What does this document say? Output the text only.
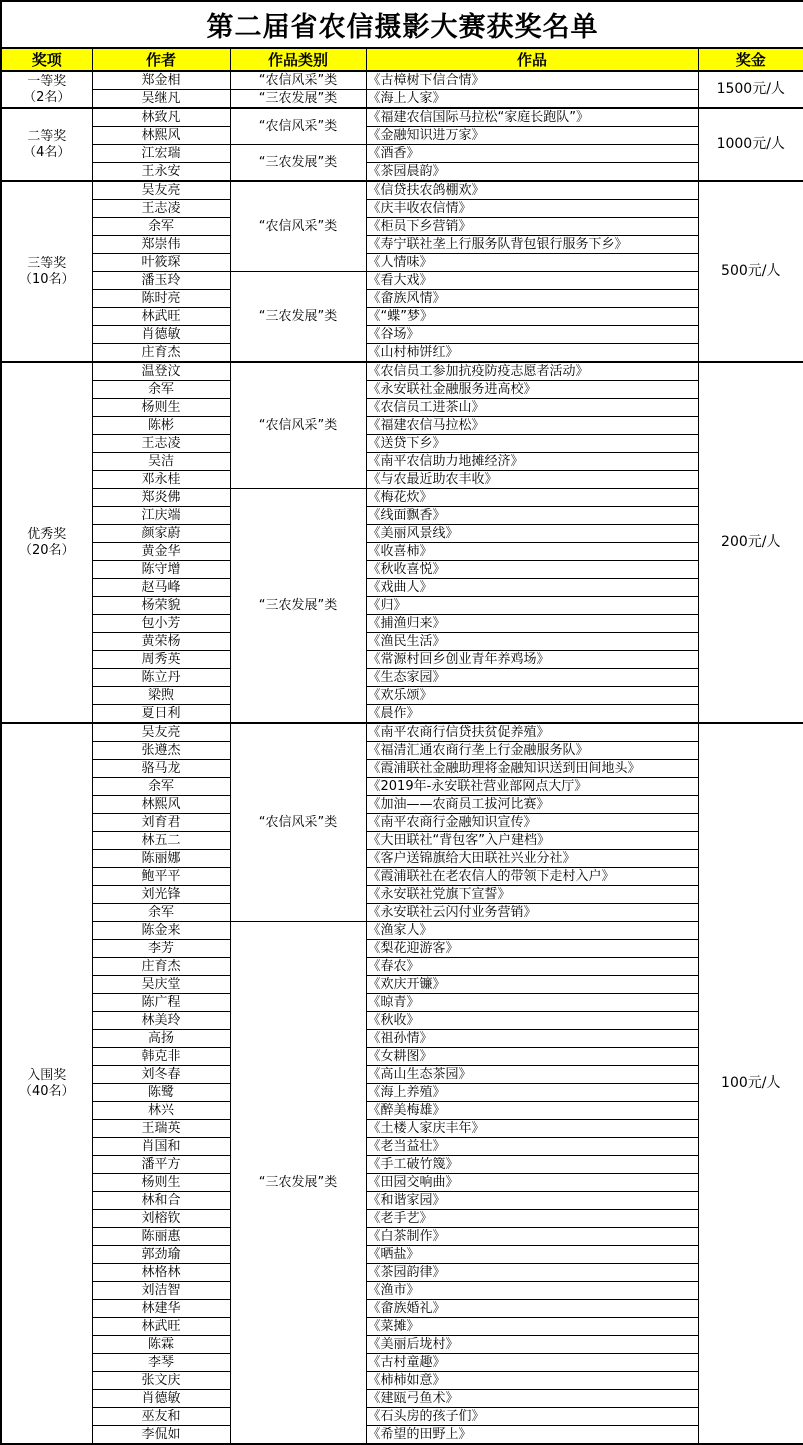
第二届省农信摄影大赛获奖名单				
奖项	作者	作品类别	作品	奖金

一等奖
（2名）	郑金相	“农信风采”类	《古樟树下信合情》	1500元/人
	吴继凡	“三农发展”类	《海上人家》	

二等奖
（4名）	林致凡	“农信风采”类	《福建农信国际马拉松“家庭长跑队”》	1000元/人
	林熙风		《金融知识进万家》	
	江宏瑞	“三农发展”类	《酒香》	
	王永安		《茶园晨韵》	

三等奖
（10名）	吴友亮	“农信风采”类	《信贷扶农鸽棚欢》	500元/人
	王志凌		《庆丰收农信情》	
	余军		《柜员下乡营销》	
	郑崇伟		《寿宁联社垄上行服务队背包银行服务下乡》	
	叶筱琛		《人情味》	
	潘玉玲	“三农发展”类	《看大戏》	
	陈时亮		《畲族风情》	
	林武旺		《“蝶”梦》	
	肖德敏		《谷场》	
	庄育杰		《山村柿饼红》	

优秀奖
（20名）	温登汶	“农信风采”类	《农信员工参加抗疫防疫志愿者活动》	200元/人
	余军		《永安联社金融服务进高校》	
	杨则生		《农信员工进茶山》	
	陈彬		《福建农信马拉松》	
	王志凌		《送贷下乡》	
	吴洁		《南平农信助力地摊经济》	
	邓永桂		《与农最近助农丰收》	
	郑炎佛	“三农发展”类	《梅花炊》	
	江庆端		《线面飘香》	
	颜家蔚		《美丽风景线》	
	黄金华		《收喜柿》	
	陈守增		《秋收喜悦》	
	赵马峰		《戏曲人》	
	杨荣貌		《归》	
	包小芳		《捕渔归来》	
	黄荣杨		《渔民生活》	
	周秀英		《常源村回乡创业青年养鸡场》	
	陈立丹		《生态家园》	
	梁煦		《欢乐颂》	
	夏日利		《晨作》	

入围奖
（40名）	吴友亮	“农信风采”类	《南平农商行信贷扶贫促养殖》	100元/人
	张遵杰		《福清汇通农商行垄上行金融服务队》	
	骆马龙		《霞浦联社金融助理将金融知识送到田间地头》	
	余军		《2019年-永安联社营业部网点大厅》	
	林熙风		《加油——农商员工拔河比赛》	
	刘育君		《南平农商行金融知识宣传》	
	林五二		《大田联社“背包客”入户建档》	
	陈丽娜		《客户送锦旗给大田联社兴业分社》	
	鲍平平		《霞浦联社在老农信人的带领下走村入户》	
	刘光锋		《永安联社党旗下宣誓》	
	余军		《永安联社云闪付业务营销》	
	陈金来	“三农发展”类	《渔家人》	
	李芳		《梨花迎游客》	
	庄育杰		《春农》	
	吴庆堂		《欢庆开镰》	
	陈广程		《晾青》	
	林美玲		《秋收》	
	高扬		《祖孙情》	
	韩克非		《女耕图》	
	刘冬春		《高山生态茶园》	
	陈鹭		《海上养殖》	
	林兴		《醉美梅雄》	
	王瑞英		《土楼人家庆丰年》	
	肖国和		《老当益壮》	
	潘平方		《手工破竹篾》	
	杨则生		《田园交响曲》	
	林和合		《和谐家园》	
	刘榕钦		《老手艺》	
	陈丽惠		《白茶制作》	
	郭劲瑜		《晒盐》	
	林格林		《茶园韵律》	
	刘洁智		《渔市》	
	林建华		《畲族婚礼》	
	林武旺		《菜摊》	
	陈霖		《美丽后垅村》	
	李琴		《古村童趣》	
	张文庆		《柿柿如意》	
	肖德敏		《建瓯弓鱼术》	
	巫友和		《石头房的孩子们》	
	李侃如		《希望的田野上》	
